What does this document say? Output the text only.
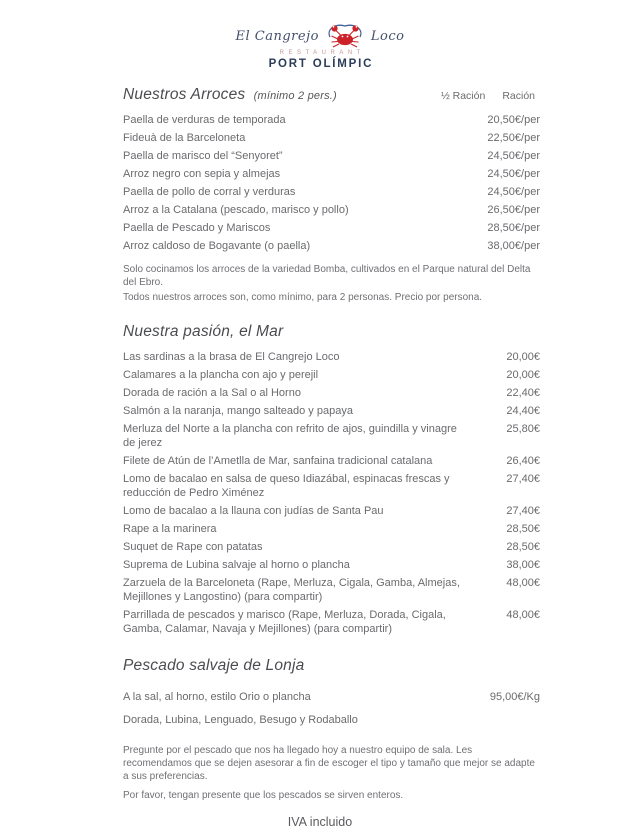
El Cangrejo	Loco
RESTAURANT
PORT OLÍMPIC
Nuestros Arroces (mínimo 2 pers.)	½ Ración Ración
Paella de verduras de temporada	20,50€/per
Fideuà de la Barceloneta	22,50€/per
Paella de marisco del “Senyoret”	24,50€/per
Arroz negro con sepia y almejas	24,50€/per
Paella de pollo de corral y verduras	24,50€/per
Arroz a la Catalana (pescado, marisco y pollo)	26,50€/per
Paella de Pescado y Mariscos	28,50€/per
Arroz caldoso de Bogavante (o paella)	38,00€/per

Solo cocinamos los arroces de la variedad Bomba, cultivados en el Parque natural del Delta del Ebro.

Todos nuestros arroces son, como mínimo, para 2 personas. Precio por persona.

Nuestra pasión, el Mar
Las sardinas a la brasa de El Cangrejo Loco	20,00€
Calamares a la plancha con ajo y perejil	20,00€
Dorada de ración a la Sal o al Horno	22,40€
Salmón a la naranja, mango salteado y papaya	24,40€
Merluza del Norte a la plancha con refrito de ajos, guindilla y vinagre de jerez
25,80€
Filete de Atún de l’Ametlla de Mar, sanfaina tradicional catalana	26,40€
Lomo de bacalao en salsa de queso Idiazábal, espinacas frescas y reducción de Pedro Ximénez
27,40€
Lomo de bacalao a la llauna con judías de Santa Pau	27,40€
Rape a la marinera	28,50€
Suquet de Rape con patatas	28,50€
Suprema de Lubina salvaje al horno o plancha	38,00€
Zarzuela de la Barceloneta (Rape, Merluza, Cigala, Gamba, Almejas, Mejillones y Langostino) (para compartir)
48,00€
Parrillada de pescados y marisco (Rape, Merluza, Dorada, Cigala, Gamba, Calamar, Navaja y Mejillones) (para compartir)
48,00€
Pescado salvaje de Lonja
A la sal, al horno, estilo Orio o plancha	95,00€/Kg
Dorada, Lubina, Lenguado, Besugo y Rodaballo

Pregunte por el pescado que nos ha llegado hoy a nuestro equipo de sala. Les recomendamos que se dejen asesorar a fin de escoger el tipo y tamaño que mejor se adapte a sus preferencias.

Por favor, tengan presente que los pescados se sirven enteros.

IVA incluido
